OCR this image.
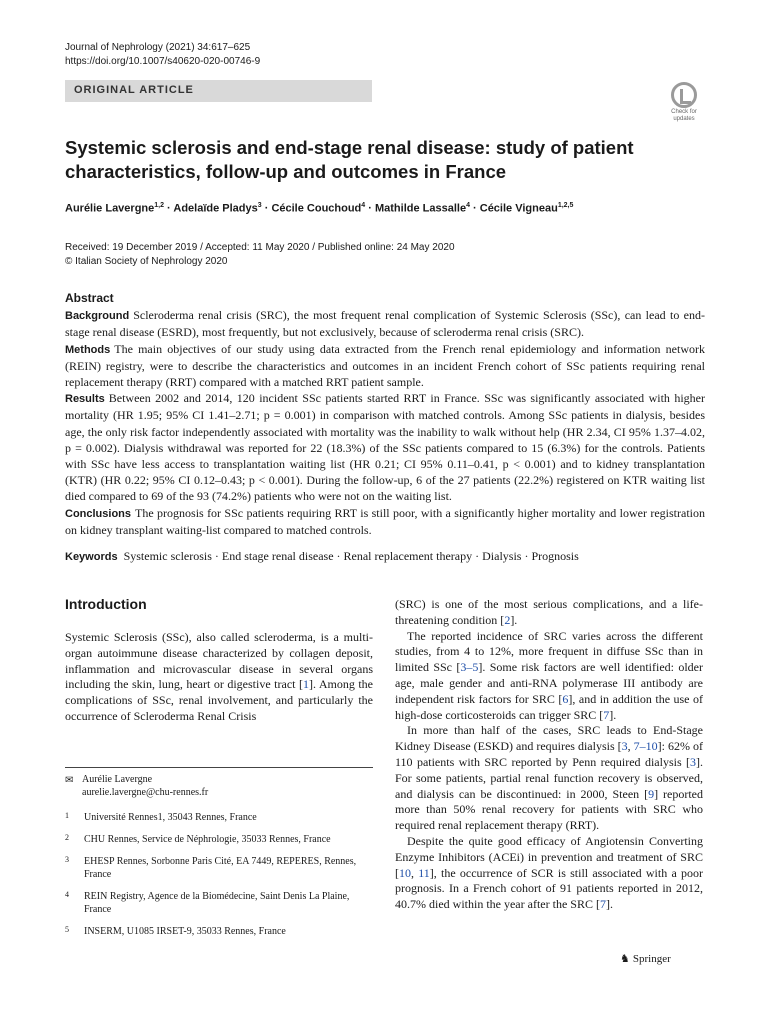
Journal of Nephrology (2021) 34:617–625
https://doi.org/10.1007/s40620-020-00746-9
ORIGINAL ARTICLE
Check for updates
Systemic sclerosis and end-stage renal disease: study of patient characteristics, follow-up and outcomes in France
Aurélie Lavergne$^{1,2}$ · Adelaïde Pladys$^3$ · Cécile Couchoud$^4$ · Mathilde Lassalle$^4$ · Cécile Vigneau$^{1,2,5}$
Received: 19 December 2019 / Accepted: 11 May 2020 / Published online: 24 May 2020
© Italian Society of Nephrology 2020
Abstract

Background Scleroderma renal crisis (SRC), the most frequent renal complication of Systemic Sclerosis (SSc), can lead to end-stage renal disease (ESRD), most frequently, but not exclusively, because of scleroderma renal crisis (SRC).

Methods The main objectives of our study using data extracted from the French renal epidemiology and information network (REIN) registry, were to describe the characteristics and outcomes in an incident French cohort of SSc patients requiring renal replacement therapy (RRT) compared with a matched RRT patient sample.

Results Between 2002 and 2014, 120 incident SSc patients started RRT in France. SSc was significantly associated with higher mortality (HR 1.95; 95% CI 1.41–2.71; p = 0.001) in comparison with matched controls. Among SSc patients in dialysis, besides age, the only risk factor independently associated with mortality was the inability to walk without help (HR 2.34, CI 95% 1.37–4.02, p = 0.002). Dialysis withdrawal was reported for 22 (18.3%) of the SSc patients compared to 15 (6.3%) for the controls. Patients with SSc have less access to transplantation waiting list (HR 0.21; CI 95% 0.11–0.41, p < 0.001) and to kidney transplantation (KTR) (HR 0.22; 95% CI 0.12–0.43; p < 0.001). During the follow-up, 6 of the 27 patients (22.2%) registered on KTR waiting list died compared to 69 of the 93 (74.2%) patients who were not on the waiting list.

Conclusions The prognosis for SSc patients requiring RRT is still poor, with a significantly higher mortality and lower registration on kidney transplant waiting-list compared to matched controls.

Keywords Systemic sclerosis · End stage renal disease · Renal replacement therapy · Dialysis · Prognosis
Introduction

Systemic Sclerosis (SSc), also called scleroderma, is a multi-organ autoimmune disease characterized by collagen deposit, inflammation and microvascular disease in several organs including the skin, lung, heart or digestive tract [1]. Among the complications of SSc, renal involvement, and particularly the occurrence of Scleroderma Renal Crisis

(SRC) is one of the most serious complications, and a life-threatening condition [2].

The reported incidence of SRC varies across the different studies, from 4 to 12%, more frequent in diffuse SSc than in limited SSc [3–5]. Some risk factors are well identified: older age, male gender and anti-RNA polymerase III antibody are independent risk factors for SRC [6], and in addition the use of high-dose corticosteroids can trigger SRC [7].

In more than half of the cases, SRC leads to End-Stage Kidney Disease (ESKD) and requires dialysis [3, 7–10]: 62% of 110 patients with SRC reported by Penn required dialysis [3]. For some patients, partial renal function recovery is observed, and dialysis can be discontinued: in 2000, Steen [9] reported more than 50% renal recovery for patients with SRC who required renal replacement therapy (RRT).

Despite the quite good efficacy of Angiotensin Converting Enzyme Inhibitors (ACEi) in prevention and treatment of SRC [10, 11], the occurrence of SCR is still associated with a poor prognosis. In a French cohort of 91 patients reported in 2012, 40.7% died within the year after the SRC [7].

✉ Aurélie Lavergne
aurelie.lavergne@chu-rennes.fr
1 Université Rennes1, 35043 Rennes, France
2 CHU Rennes, Service de Néphrologie, 35033 Rennes, France
3 EHESP Rennes, Sorbonne Paris Cité, EA 7449, REPERES, Rennes, France
4 REIN Registry, Agence de la Biomédecine, Saint Denis La Plaine, France
5 INSERM, U1085 IRSET-9, 35033 Rennes, France
♞ Springer
